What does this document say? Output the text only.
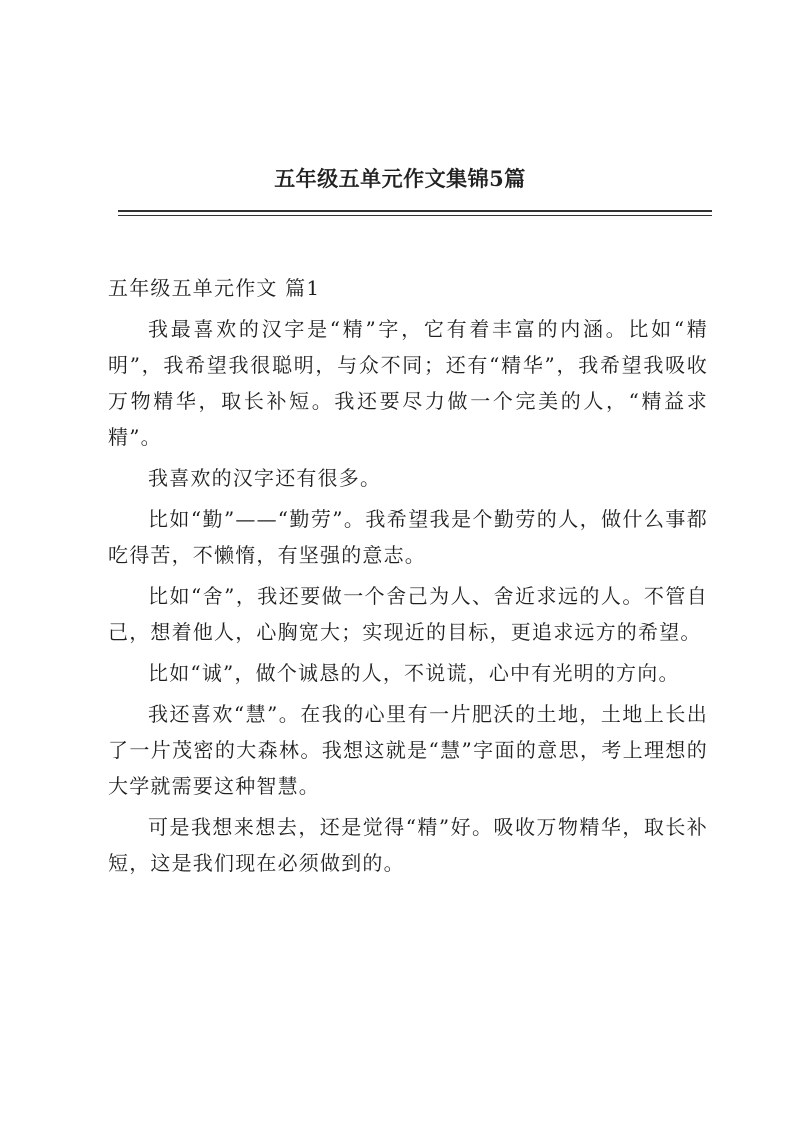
五年级五单元作文集锦5篇
五年级五单元作文 篇1

我最喜欢的汉字是“精”字，它有着丰富的内涵。比如“精明”，我希望我很聪明，与众不同；还有“精华”，我希望我吸收万物精华，取长补短。我还要尽力做一个完美的人，“精益求精”。

我喜欢的汉字还有很多。

比如“勤”——“勤劳”。我希望我是个勤劳的人，做什么事都吃得苦，不懒惰，有坚强的意志。

比如“舍”，我还要做一个舍己为人、舍近求远的人。不管自己，想着他人，心胸宽大；实现近的目标，更追求远方的希望。

比如“诚”，做个诚恳的人，不说谎，心中有光明的方向。

我还喜欢“慧”。在我的心里有一片肥沃的土地，土地上长出了一片茂密的大森林。我想这就是“慧”字面的意思，考上理想的大学就需要这种智慧。

可是我想来想去，还是觉得“精”好。吸收万物精华，取长补短，这是我们现在必须做到的。
